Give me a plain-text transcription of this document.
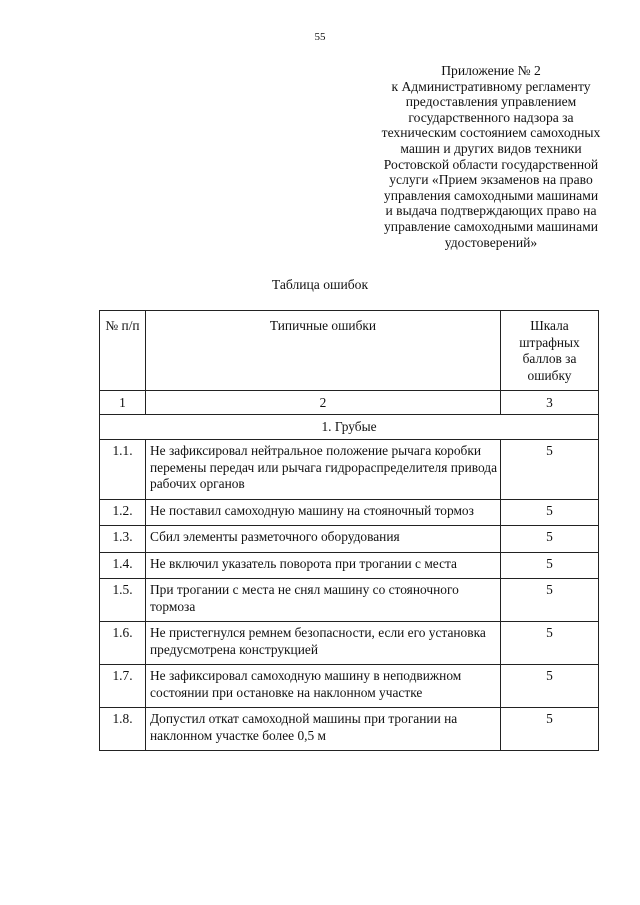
55
Приложение № 2
к Административному регламенту
предоставления управлением
государственного надзора за
техническим состоянием самоходных
машин и других видов техники
Ростовской области государственной
услуги «Прием экзаменов на право
управления самоходными машинами
и выдача подтверждающих право на
управление самоходными машинами
удостоверений»
Таблица ошибок
№ п/п	Типичные ошибки	Шкала
штрафных
баллов за
ошибку

1	2	3
1. Грубые		
1.1.	Не зафиксировал нейтральное положение рычага коробки перемены передач или рычага гидрораспределителя привода рабочих органов	5
1.2.	Не поставил самоходную машину на стояночный тормоз	5
1.3.	Сбил элементы разметочного оборудования	5
1.4.	Не включил указатель поворота при трогании с места	5
1.5.	При трогании с места не снял машину со стояночного тормоза	5
1.6.	Не пристегнулся ремнем безопасности, если его установка предусмотрена конструкцией	5
1.7.	Не зафиксировал самоходную машину в неподвижном состоянии при остановке на наклонном участке	5
1.8.	Допустил откат самоходной машины при трогании на наклонном участке более 0,5 м	5
